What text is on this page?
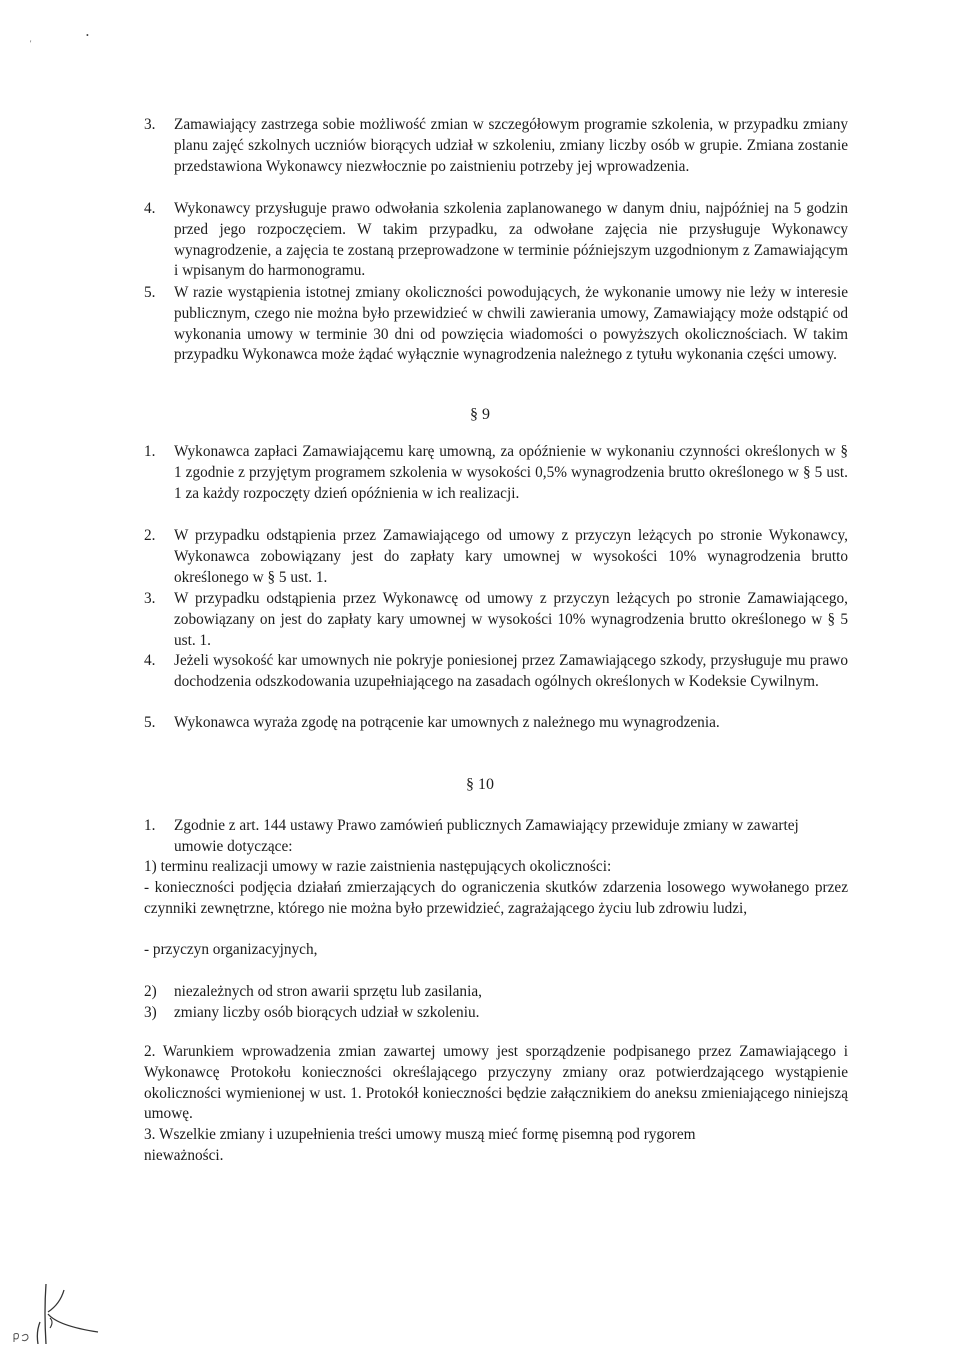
'
•
3.	Zamawiający zastrzega sobie możliwość zmian w szczegółowym programie szkolenia, w przypadku zmiany planu zajęć szkolnych uczniów biorących udział w szkoleniu, zmiany liczby osób w grupie. Zmiana zostanie przedstawiona Wykonawcy niezwłocznie po zaistnieniu potrzeby jej wprowadzenia.
4.	Wykonawcy przysługuje prawo odwołania szkolenia zaplanowanego w danym dniu, najpóźniej na 5 godzin przed jego rozpoczęciem. W takim przypadku, za odwołane zajęcia nie przysługuje Wykonawcy wynagrodzenie, a zajęcia te zostaną przeprowadzone w terminie późniejszym uzgodnionym z Zamawiającym i wpisanym do harmonogramu.
5.	W razie wystąpienia istotnej zmiany okoliczności powodujących, że wykonanie umowy nie leży w interesie publicznym, czego nie można było przewidzieć w chwili zawierania umowy, Zamawiający może odstąpić od wykonania umowy w terminie 30 dni od powzięcia wiadomości o powyższych okolicznościach. W takim przypadku Wykonawca może żądać wyłącznie wynagrodzenia należnego z tytułu wykonania części umowy.
§ 9
1.	Wykonawca zapłaci Zamawiającemu karę umowną, za opóźnienie w wykonaniu czynności określonych w § 1 zgodnie z przyjętym programem szkolenia w wysokości 0,5% wynagrodzenia brutto określonego w § 5 ust. 1 za każdy rozpoczęty dzień opóźnienia w ich realizacji.
2.	W przypadku odstąpienia przez Zamawiającego od umowy z przyczyn leżących po stronie Wykonawcy, Wykonawca zobowiązany jest do zapłaty kary umownej w wysokości 10% wynagrodzenia brutto określonego w § 5 ust. 1.
3.	W przypadku odstąpienia przez Wykonawcę od umowy z przyczyn leżących po stronie Zamawiającego, zobowiązany on jest do zapłaty kary umownej w wysokości 10% wynagrodzenia brutto określonego w § 5 ust. 1.
4.	Jeżeli wysokość kar umownych nie pokryje poniesionej przez Zamawiającego szkody, przysługuje mu prawo dochodzenia odszkodowania uzupełniającego na zasadach ogólnych określonych w Kodeksie Cywilnym.
5.	Wykonawca wyraża zgodę na potrącenie kar umownych z należnego mu wynagrodzenia.
§ 10
1.	Zgodnie z art. 144 ustawy Prawo zamówień publicznych Zamawiający przewiduje zmiany w zawartej umowie dotyczące:
1) terminu realizacji umowy w razie zaistnienia następujących okoliczności:
- konieczności podjęcia działań zmierzających do ograniczenia skutków zdarzenia losowego wywołanego przez czynniki zewnętrzne, którego nie można było przewidzieć, zagrażającego życiu lub zdrowiu ludzi,
- przyczyn organizacyjnych,
2)	niezależnych od stron awarii sprzętu lub zasilania,
3)	zmiany liczby osób biorących udział w szkoleniu.
2. Warunkiem wprowadzenia zmian zawartej umowy jest sporządzenie podpisanego przez Zamawiającego i Wykonawcę Protokołu konieczności określającego przyczyny zmiany oraz potwierdzającego wystąpienie okoliczności wymienionej w ust. 1. Protokół konieczności będzie załącznikiem do aneksu zmieniającego niniejszą umowę.
3. Wszelkie zmiany i uzupełnienia treści umowy muszą mieć formę pisemną pod rygorem nieważności.
